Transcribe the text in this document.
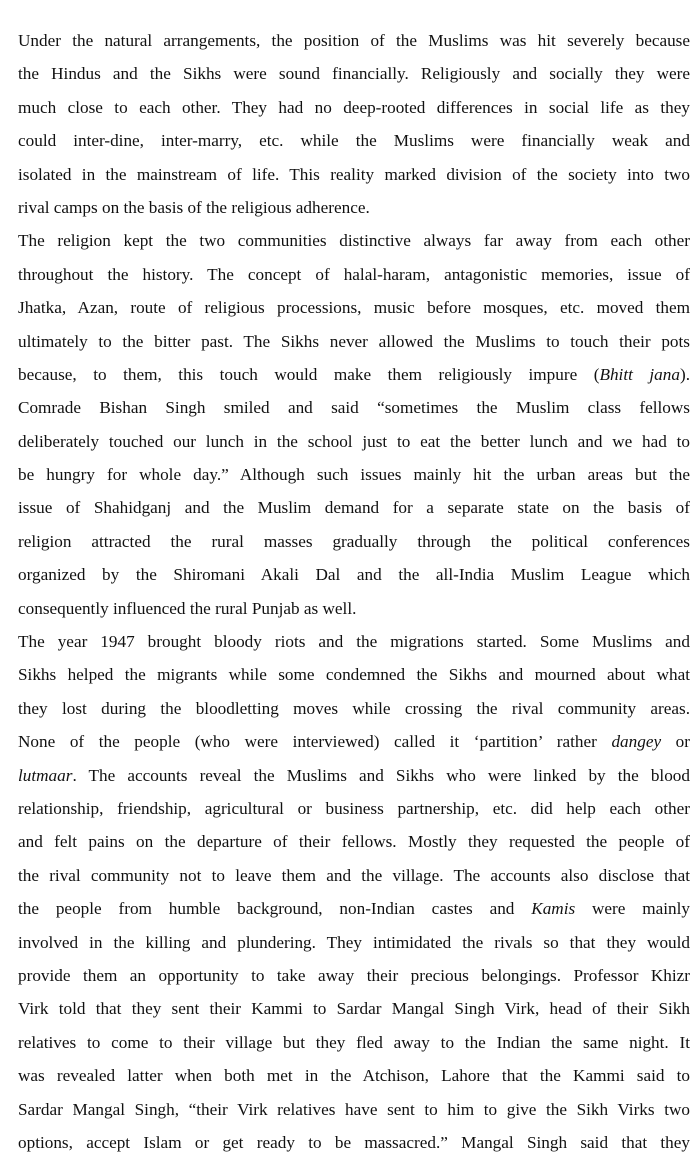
Under the natural arrangements, the position of the Muslims was hit severely because
the Hindus and the Sikhs were sound financially. Religiously and socially they were
much close to each other. They had no deep-rooted differences in social life as they
could inter-dine, inter-marry, etc. while the Muslims were financially weak and
isolated in the mainstream of life. This reality marked division of the society into two
rival camps on the basis of the religious adherence.

The religion kept the two communities distinctive always far away from each other
throughout the history. The concept of halal-haram, antagonistic memories, issue of
Jhatka, Azan, route of religious processions, music before mosques, etc. moved them
ultimately to the bitter past. The Sikhs never allowed the Muslims to touch their pots
because, to them, this touch would make them religiously impure (Bhitt jana).
Comrade Bishan Singh smiled and said “sometimes the Muslim class fellows
deliberately touched our lunch in the school just to eat the better lunch and we had to
be hungry for whole day.” Although such issues mainly hit the urban areas but the
issue of Shahidganj and the Muslim demand for a separate state on the basis of
religion attracted the rural masses gradually through the political conferences
organized by the Shiromani Akali Dal and the all-India Muslim League which
consequently influenced the rural Punjab as well.

The year 1947 brought bloody riots and the migrations started. Some Muslims and
Sikhs helped the migrants while some condemned the Sikhs and mourned about what
they lost during the bloodletting moves while crossing the rival community areas.
None of the people (who were interviewed) called it ‘partition’ rather dangey or
lutmaar. The accounts reveal the Muslims and Sikhs who were linked by the blood
relationship, friendship, agricultural or business partnership, etc. did help each other
and felt pains on the departure of their fellows. Mostly they requested the people of
the rival community not to leave them and the village. The accounts also disclose that
the people from humble background, non-Indian castes and Kamis were mainly
involved in the killing and plundering. They intimidated the rivals so that they would
provide them an opportunity to take away their precious belongings. Professor Khizr
Virk told that they sent their Kammi to Sardar Mangal Singh Virk, head of their Sikh
relatives to come to their village but they fled away to the Indian the same night. It
was revealed latter when both met in the Atchison, Lahore that the Kammi said to
Sardar Mangal Singh, “their Virk relatives have sent to him to give the Sikh Virks two
options, accept Islam or get ready to be massacred.” Mangal Singh said that they
